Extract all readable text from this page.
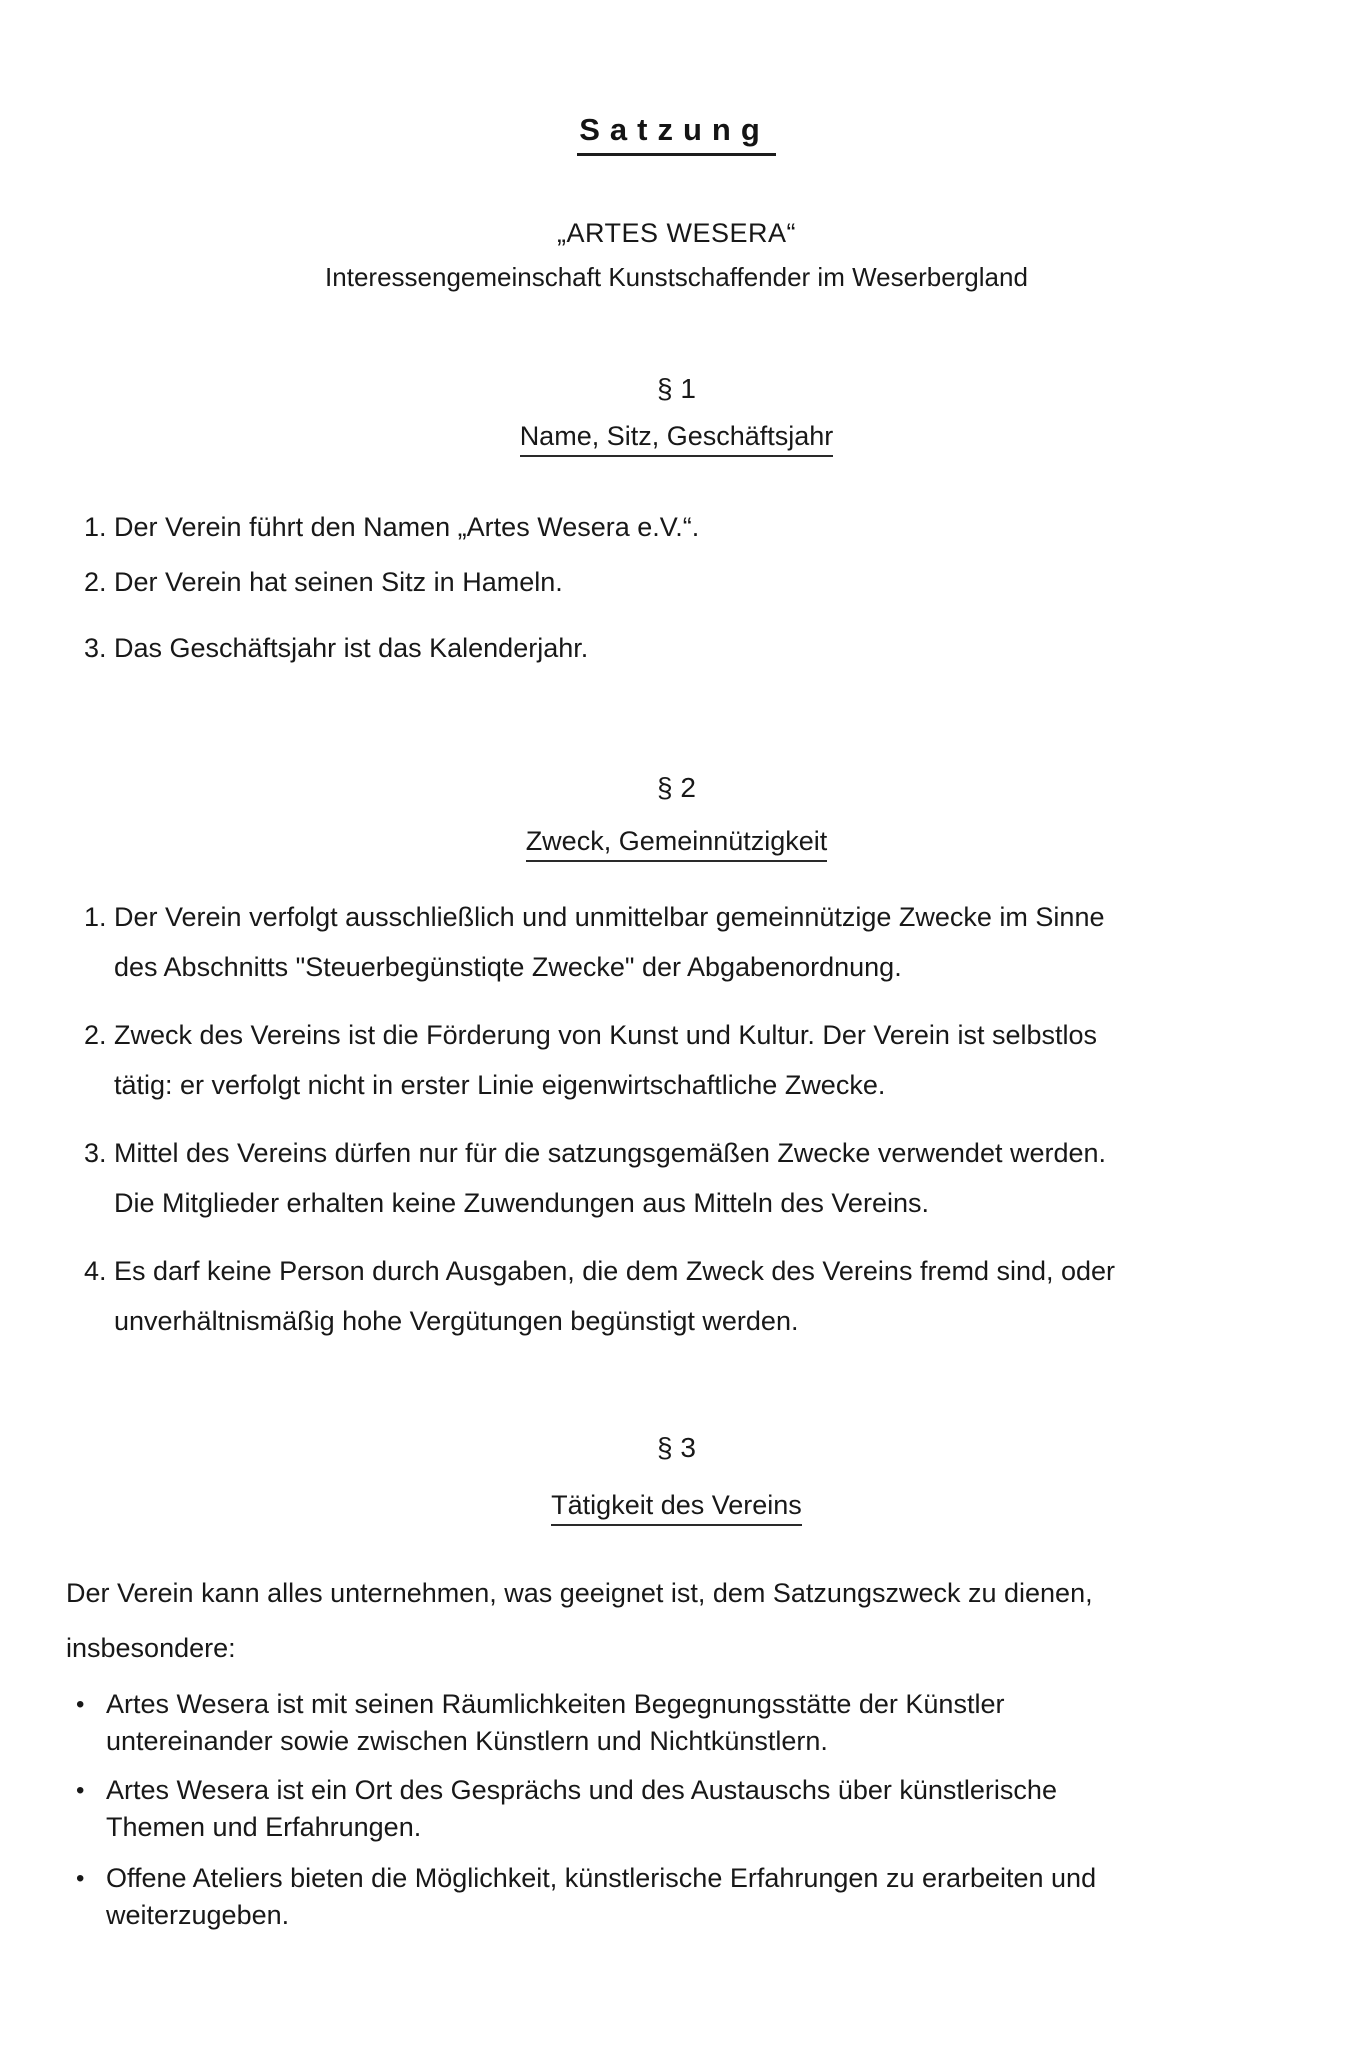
Satzung
„ARTES WESERA“
Interessengemeinschaft Kunstschaffender im Weserbergland
§ 1
Name, Sitz, Geschäftsjahr
1. Der Verein führt den Namen „Artes Wesera e.V.“.
2. Der Verein hat seinen Sitz in Hameln.
3. Das Geschäftsjahr ist das Kalenderjahr.
§ 2
Zweck, Gemeinnützigkeit
1. Der Verein verfolgt ausschließlich und unmittelbar gemeinnützige Zwecke im Sinne
des Abschnitts "Steuerbegünstiqte Zwecke" der Abgabenordnung.
2. Zweck des Vereins ist die Förderung von Kunst und Kultur. Der Verein ist selbstlos
tätig: er verfolgt nicht in erster Linie eigenwirtschaftliche Zwecke.
3. Mittel des Vereins dürfen nur für die satzungsgemäßen Zwecke verwendet werden.
Die Mitglieder erhalten keine Zuwendungen aus Mitteln des Vereins.
4. Es darf keine Person durch Ausgaben, die dem Zweck des Vereins fremd sind, oder
unverhältnismäßig hohe Vergütungen begünstigt werden.
§ 3
Tätigkeit des Vereins
Der Verein kann alles unternehmen, was geeignet ist, dem Satzungszweck zu dienen,
insbesondere:
• Artes Wesera ist mit seinen Räumlichkeiten Begegnungsstätte der Künstler
untereinander sowie zwischen Künstlern und Nichtkünstlern.
• Artes Wesera ist ein Ort des Gesprächs und des Austauschs über künstlerische
Themen und Erfahrungen.
• Offene Ateliers bieten die Möglichkeit, künstlerische Erfahrungen zu erarbeiten und
weiterzugeben.
